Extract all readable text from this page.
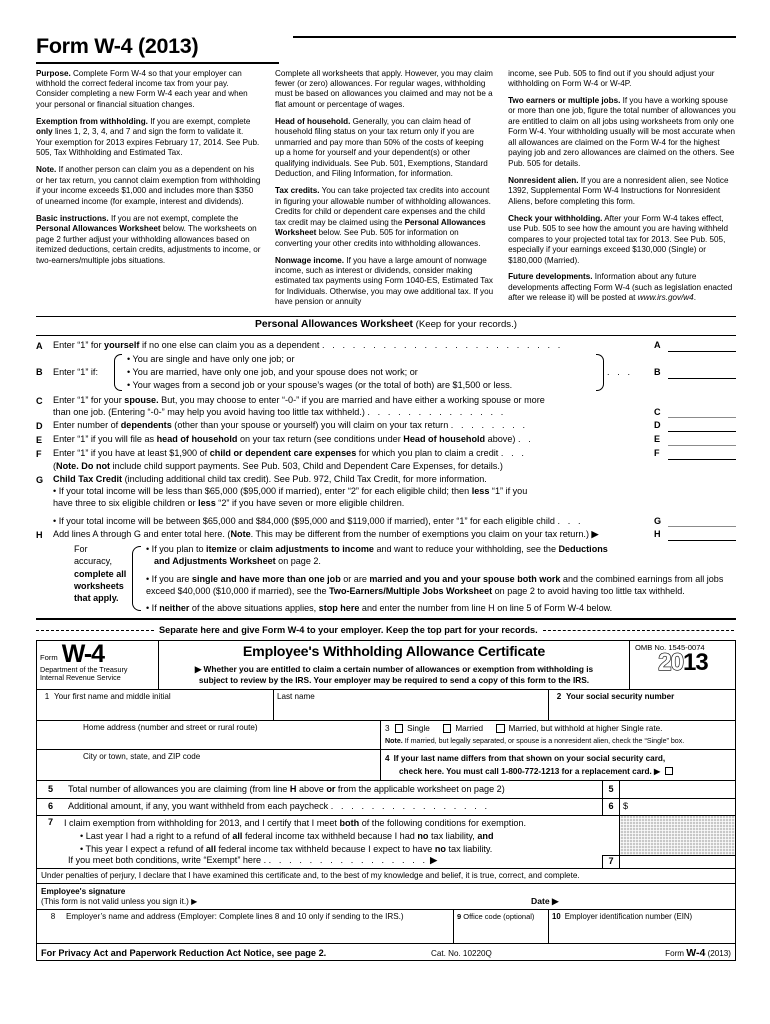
Form W-4 (2013)

Purpose. Complete Form W-4 so that your employer can withhold the correct federal income tax from your pay. Consider completing a new Form W-4 each year and when your personal or financial situation changes.

Exemption from withholding. If you are exempt, complete only lines 1, 2, 3, 4, and 7 and sign the form to validate it. Your exemption for 2013 expires February 17, 2014. See Pub. 505, Tax Withholding and Estimated Tax.

Note. If another person can claim you as a dependent on his or her tax return, you cannot claim exemption from withholding if your income exceeds $1,000 and includes more than $350 of unearned income (for example, interest and dividends).

Basic instructions. If you are not exempt, complete the Personal Allowances Worksheet below. The worksheets on page 2 further adjust your withholding allowances based on itemized deductions, certain credits, adjustments to income, or two-earners/multiple jobs situations.

Complete all worksheets that apply. However, you may claim fewer (or zero) allowances. For regular wages, withholding must be based on allowances you claimed and may not be a flat amount or percentage of wages.

Head of household. Generally, you can claim head of household filing status on your tax return only if you are unmarried and pay more than 50% of the costs of keeping up a home for yourself and your dependent(s) or other qualifying individuals. See Pub. 501, Exemptions, Standard Deduction, and Filing Information, for information.

Tax credits. You can take projected tax credits into account in figuring your allowable number of withholding allowances. Credits for child or dependent care expenses and the child tax credit may be claimed using the Personal Allowances Worksheet below. See Pub. 505 for information on converting your other credits into withholding allowances.

Nonwage income. If you have a large amount of nonwage income, such as interest or dividends, consider making estimated tax payments using Form 1040-ES, Estimated Tax for Individuals. Otherwise, you may owe additional tax. If you have pension or annuity

income, see Pub. 505 to find out if you should adjust your withholding on Form W-4 or W-4P.

Two earners or multiple jobs. If you have a working spouse or more than one job, figure the total number of allowances you are entitled to claim on all jobs using worksheets from only one Form W-4. Your withholding usually will be most accurate when all allowances are claimed on the Form W-4 for the highest paying job and zero allowances are claimed on the others. See Pub. 505 for details.

Nonresident alien. If you are a nonresident alien, see Notice 1392, Supplemental Form W-4 Instructions for Nonresident Aliens, before completing this form.

Check your withholding. After your Form W-4 takes effect, use Pub. 505 to see how the amount you are having withheld compares to your projected total tax for 2013. See Pub. 505, especially if your earnings exceed $130,000 (Single) or $180,000 (Married).

Future developments. Information about any future developments affecting Form W-4 (such as legislation enacted after we release it) will be posted at www.irs.gov/w4.

Personal Allowances Worksheet (Keep for your records.)
A	Enter “1” for yourself if no one else can claim you as a dependent . . . . . . . . . . . . . . . . . . . . . . . .	A
B	Enter “1” if:
• You are single and have only one job; or
• You are married, have only one job, and your spouse does not work; or
• Your wages from a second job or your spouse’s wages (or the total of both) are $1,500 or less.
. . .	B
C	Enter “1” for your spouse. But, you may choose to enter “-0-” if you are married and have either a working spouse or more
than one job. (Entering “-0-” may help you avoid having too little tax withheld.) . . . . . . . . . . . . . .	C
D	Enter number of dependents (other than your spouse or yourself) you will claim on your tax return . . . . . . . .	D
E	Enter “1” if you will file as head of household on your tax return (see conditions under Head of household above) . .	E
F	Enter “1” if you have at least $1,900 of child or dependent care expenses for which you plan to claim a credit . . .
(Note. Do not include child support payments. See Pub. 503, Child and Dependent Care Expenses, for details.)
F
G	Child Tax Credit (including additional child tax credit). See Pub. 972, Child Tax Credit, for more information.
• If your total income will be less than $65,000 ($95,000 if married), enter “2” for each eligible child; then less “1” if you
have three to six eligible children or less “2” if you have seven or more eligible children.
• If your total income will be between $65,000 and $84,000 ($95,000 and $119,000 if married), enter “1” for each eligible child . . .	G
H	Add lines A through G and enter total here. (Note. This may be different from the number of exemptions you claim on your tax return.) ▶	H
For accuracy,
complete all
worksheets
that apply.
• If you plan to itemize or claim adjustments to income and want to reduce your withholding, see the Deductions
and Adjustments Worksheet on page 2.
• If you are single and have more than one job or are married and you and your spouse both work and the combined earnings from all jobs exceed $40,000 ($10,000 if married), see the Two-Earners/Multiple Jobs Worksheet on page 2 to avoid having too little tax withheld.
• If neither of the above situations applies, stop here and enter the number from line H on line 5 of Form W-4 below.
Separate here and give Form W-4 to your employer. Keep the top part for your records.
Form W-4
Department of the Treasury
Internal Revenue Service
Employee's Withholding Allowance Certificate
▶ Whether you are entitled to claim a certain number of allowances or exemption from withholding is
subject to review by the IRS. Your employer may be required to send a copy of this form to the IRS.
OMB No. 1545-0074
2013
1 Your first name and middle initial	Last name	2 Your social security number
Home address (number and street or rural route)	3 Single	Married	Married, but withhold at higher Single rate.
Note. If married, but legally separated, or spouse is a nonresident alien, check the “Single” box.
City or town, state, and ZIP code	4 If your last name differs from that shown on your social security card,
check here. You must call 1-800-772-1213 for a replacement card. ▶
5	Total number of allowances you are claiming (from line H above or from the applicable worksheet on page 2)	5
6	Additional amount, if any, you want withheld from each paycheck . . . . . . . . . . . . . . . .	6	$
7	I claim exemption from withholding for 2013, and I certify that I meet both of the following conditions for exemption.
• Last year I had a right to a refund of all federal income tax withheld because I had no tax liability, and
• This year I expect a refund of all federal income tax withheld because I expect to have no tax liability.
If you meet both conditions, write “Exempt” here . . . . . . . . . . . . . . . . . ▶	7
Under penalties of perjury, I declare that I have examined this certificate and, to the best of my knowledge and belief, it is true, correct, and complete.
Employee's signature
(This form is not valid unless you sign it.) ▶	Date ▶
8 Employer’s name and address (Employer: Complete lines 8 and 10 only if sending to the IRS.)	9 Office code (optional)	10 Employer identification number (EIN)
For Privacy Act and Paperwork Reduction Act Notice, see page 2.	Cat. No. 10220Q	Form W-4 (2013)
